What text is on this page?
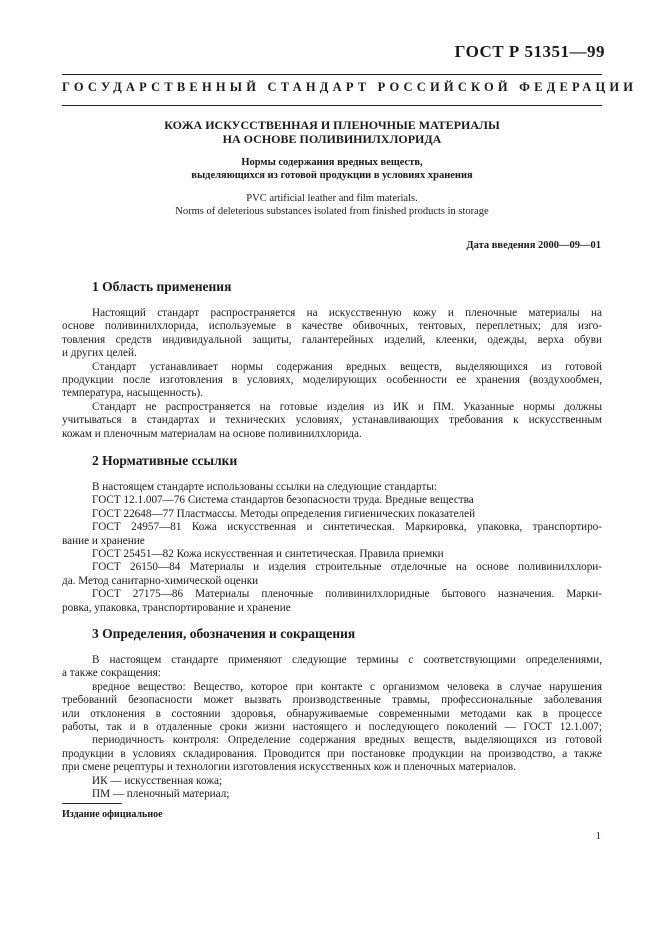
ГОСТ Р 51351—99
ГОСУДАРСТВЕННЫЙ СТАНДАРТ РОССИЙСКОЙ ФЕДЕРАЦИИ
КОЖА ИСКУССТВЕННАЯ И ПЛЕНОЧНЫЕ МАТЕРИАЛЫ
НА ОСНОВЕ ПОЛИВИНИЛХЛОРИДА
Нормы содержания вредных веществ,
выделяющихся из готовой продукции в условиях хранения
PVC artificial leather and film materials.
Norms of deleterious substances isolated from finished products in storage
Дата введения 2000—09—01
1 Область применения
Настоящий стандарт распространяется на искусственную кожу и пленочные материалы на
основе поливинилхлорида, используемые в качестве обивочных, тентовых, переплетных; для изго-
товления средств индивидуальной защиты, галантерейных изделий, клеенки, одежды, верха обуви
и других целей.
Стандарт устанавливает нормы содержания вредных веществ, выделяющихся из готовой
продукции после изготовления в условиях, моделирующих особенности ее хранения (воздухообмен,
температура, насыщенность).
Стандарт не распространяется на готовые изделия из ИК и ПМ. Указанные нормы должны
учитываться в стандартах и технических условиях, устанавливающих требования к искусственным
кожам и пленочным материалам на основе поливинилхлорида.
2 Нормативные ссылки
В настоящем стандарте использованы ссылки на следующие стандарты:
ГОСТ 12.1.007—76 Система стандартов безопасности труда. Вредные вещества
ГОСТ 22648—77 Пластмассы. Методы определения гигиенических показателей
ГОСТ 24957—81 Кожа искусственная и синтетическая. Маркировка, упаковка, транспортиро-
вание и хранение
ГОСТ 25451—82 Кожа искусственная и синтетическая. Правила приемки
ГОСТ 26150—84 Материалы и изделия строительные отделочные на основе поливинилхлори-
да. Метод санитарно-химической оценки
ГОСТ 27175—86 Материалы пленочные поливинилхлоридные бытового назначения. Марки-
ровка, упаковка, транспортирование и хранение
3 Определения, обозначения и сокращения
В настоящем стандарте применяют следующие термины с соответствующими определениями,
а также сокращения:
вредное вещество: Вещество, которое при контакте с организмом человека в случае нарушения
требований безопасности может вызвать производственные травмы, профессиональные заболевания
или отклонения в состоянии здоровья, обнаруживаемые современными методами как в процессе
работы, так и в отдаленные сроки жизни настоящего и последующего поколений — ГОСТ 12.1.007;
периодичность контроля: Определение содержания вредных веществ, выделяющихся из готовой
продукции в условиях складирования. Проводится при постановке продукции на производство, а также
при смене рецептуры и технологии изготовления искусственных кож и пленочных материалов.
ИК — искусственная кожа;
ПМ — пленочный материал;
Издание официальное
1
